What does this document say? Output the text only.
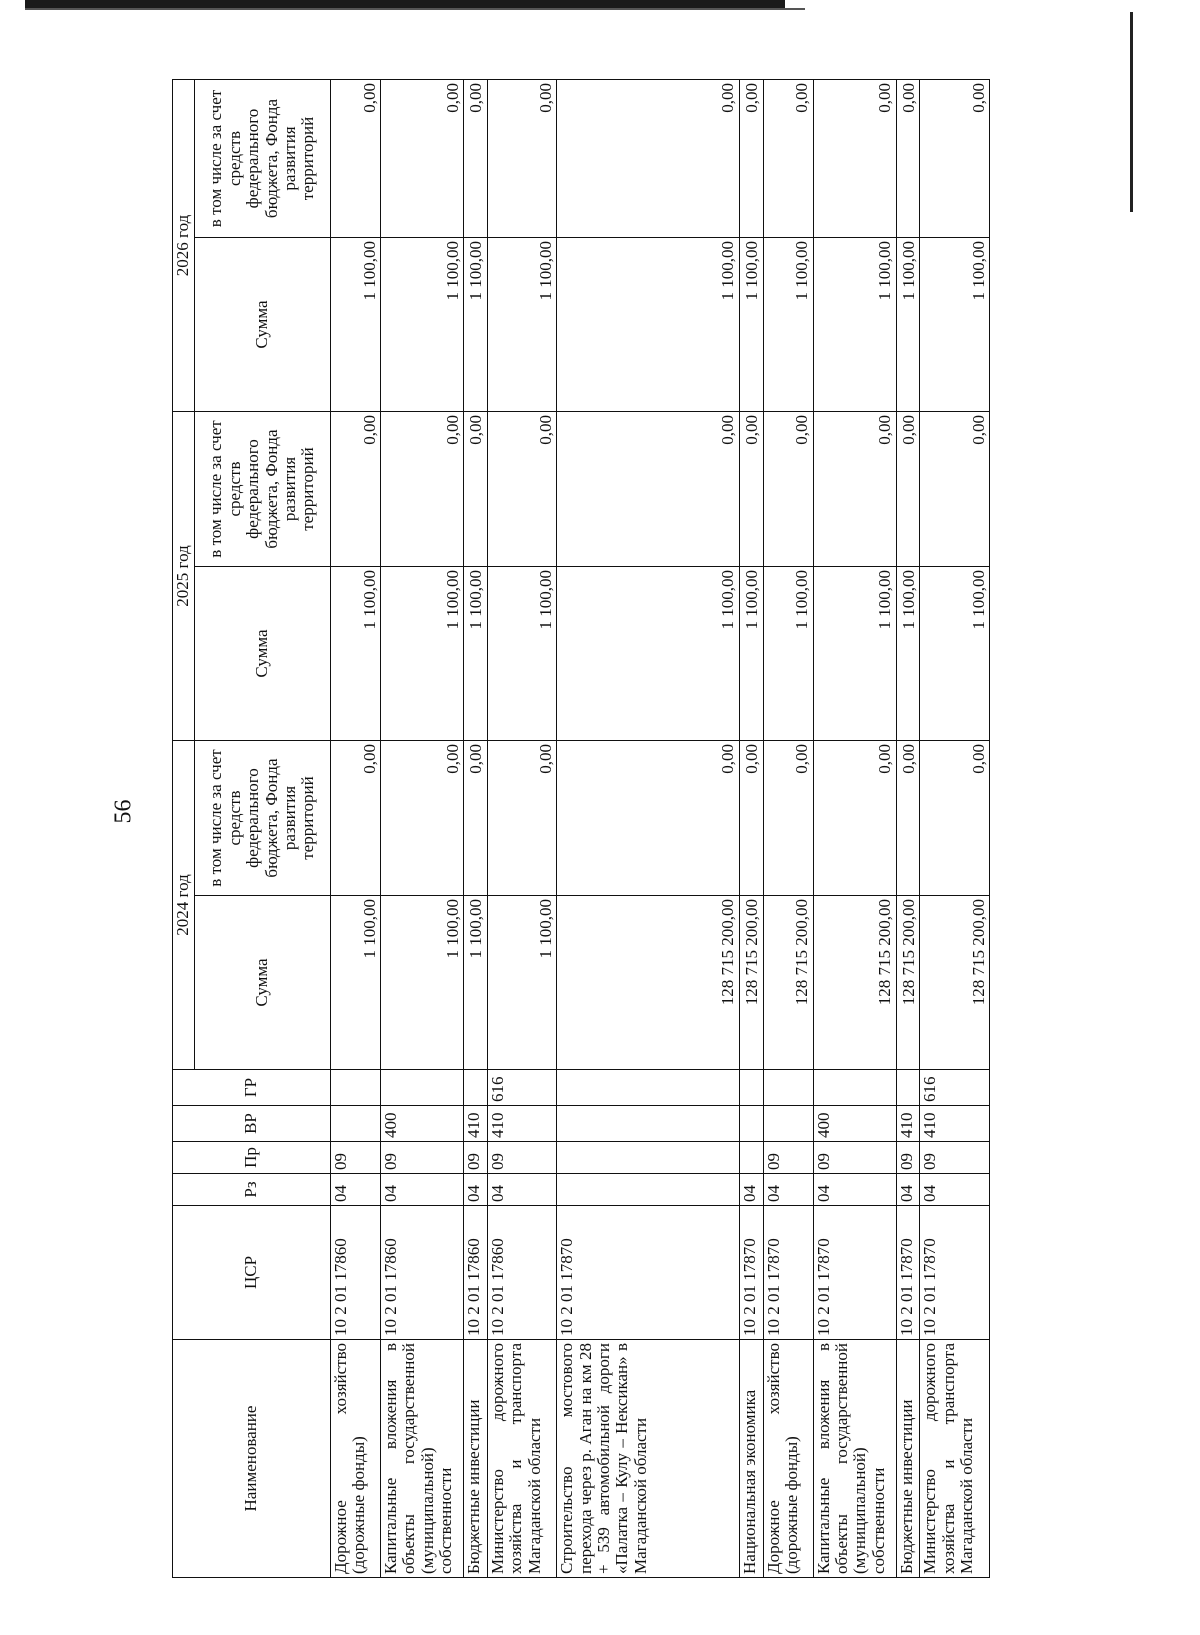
56
Наименование	ЦСР	Рз	Пр	ВР	ГР	2024 год		2025 год		2026 год	
						Сумма	в том числе за счет средств федерального бюджета, Фонда развития территорий	Сумма	в том числе за счет средств федерального бюджета, Фонда развития территорий	Сумма	в том числе за счет средств федерального бюджета, Фонда развития территорий
Дорожное хозяйство (дорожные фонды)	10 2 01 17860	04	09			1 100,00	0,00	1 100,00	0,00	1 100,00	0,00
Капитальные вложения в объекты государственной (муниципальной) собственности	10 2 01 17860	04	09	400		1 100,00	0,00	1 100,00	0,00	1 100,00	0,00
Бюджетные инвестиции	10 2 01 17860	04	09	410		1 100,00	0,00	1 100,00	0,00	1 100,00	0,00
Министерство дорожного хозяйства и транспорта Магаданской области	10 2 01 17860	04	09	410	616	1 100,00	0,00	1 100,00	0,00	1 100,00	0,00
Строительство мостового перехода через р. Аган на км 28 + 539 автомобильной дороги «Палатка – Кулу – Нексикан» в Магаданской области	10 2 01 17870					128 715 200,00	0,00	1 100,00	0,00	1 100,00	0,00
Национальная экономика	10 2 01 17870	04				128 715 200,00	0,00	1 100,00	0,00	1 100,00	0,00
Дорожное хозяйство (дорожные фонды)	10 2 01 17870	04	09			128 715 200,00	0,00	1 100,00	0,00	1 100,00	0,00
Капитальные вложения в объекты государственной (муниципальной) собственности	10 2 01 17870	04	09	400		128 715 200,00	0,00	1 100,00	0,00	1 100,00	0,00
Бюджетные инвестиции	10 2 01 17870	04	09	410		128 715 200,00	0,00	1 100,00	0,00	1 100,00	0,00
Министерство дорожного хозяйства и транспорта Магаданской области	10 2 01 17870	04	09	410	616	128 715 200,00	0,00	1 100,00	0,00	1 100,00	0,00
